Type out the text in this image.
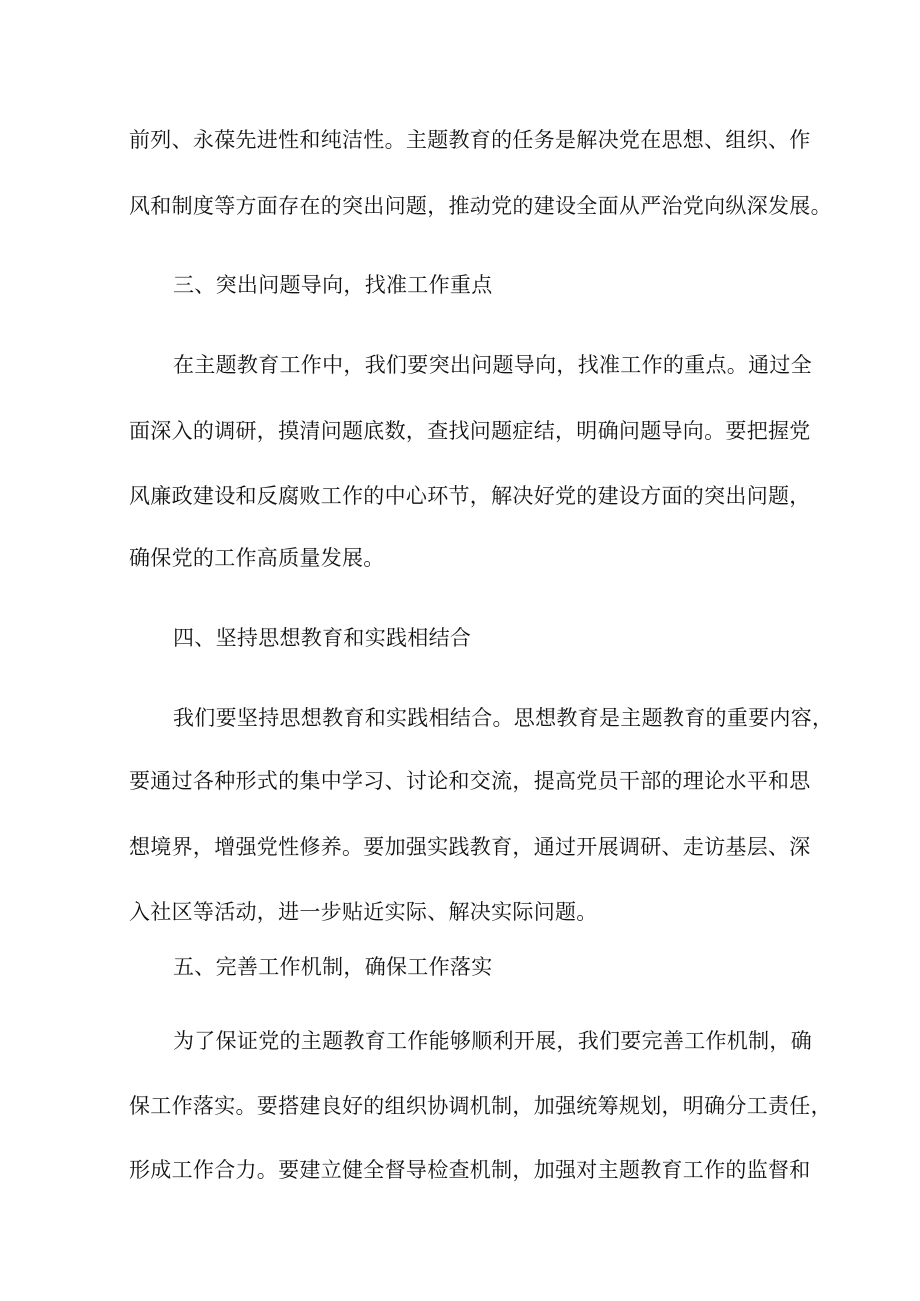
前列、永葆先进性和纯洁性。主题教育的任务是解决党在思想、组织、作
风和制度等方面存在的突出问题，推动党的建设全面从严治党向纵深发展。
三、突出问题导向，找准工作重点
在主题教育工作中，我们要突出问题导向，找准工作的重点。通过全
面深入的调研，摸清问题底数，查找问题症结，明确问题导向。要把握党
风廉政建设和反腐败工作的中心环节，解决好党的建设方面的突出问题，
确保党的工作高质量发展。
四、坚持思想教育和实践相结合
我们要坚持思想教育和实践相结合。思想教育是主题教育的重要内容，
要通过各种形式的集中学习、讨论和交流，提高党员干部的理论水平和思
想境界，增强党性修养。要加强实践教育，通过开展调研、走访基层、深
入社区等活动，进一步贴近实际、解决实际问题。
五、完善工作机制，确保工作落实
为了保证党的主题教育工作能够顺利开展，我们要完善工作机制，确
保工作落实。要搭建良好的组织协调机制，加强统筹规划，明确分工责任，
形成工作合力。要建立健全督导检查机制，加强对主题教育工作的监督和
